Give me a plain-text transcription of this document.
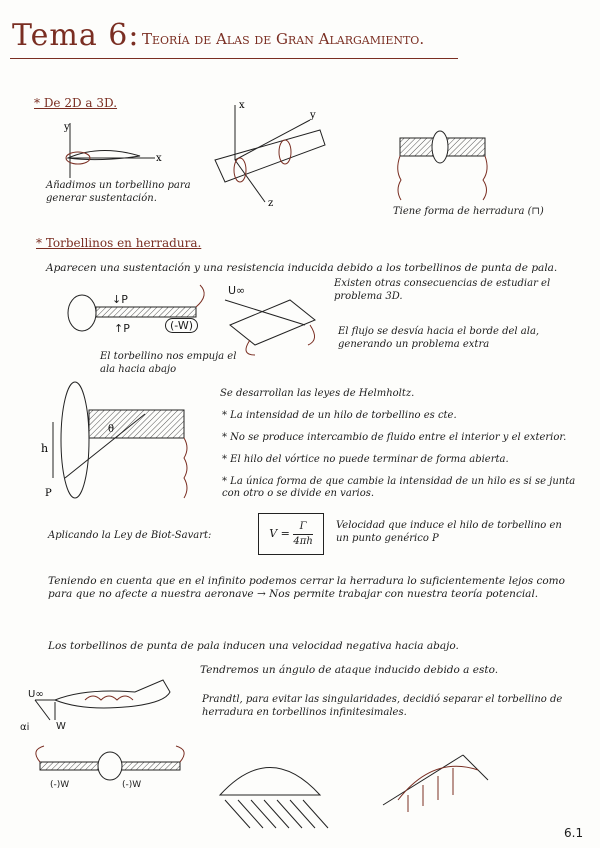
Tema 6: Teoría de Alas de Gran Alargamiento.
* De 2D a 3D.
y
x
Añadimos un torbellino para generar sustentación.
x
y
z
Tiene forma de herradura (⊓)
* Torbellinos en herradura.
Aparecen una sustentación y una resistencia inducida debido a los torbellinos de punta de pala.
↓P
↑P	(-W)
El torbellino nos empuja el ala hacia abajo
U∞
Existen otras consecuencias de estudiar el problema 3D.
El flujo se desvía hacia el borde del ala, generando un problema extra
h
θ
P
Se desarrollan las leyes de Helmholtz.
* La intensidad de un hilo de torbellino es cte.
* No se produce intercambio de fluido entre el interior y el exterior.
* El hilo del vórtice no puede terminar de forma abierta.
* La única forma de que cambie la intensidad de un hilo es si se junta con otro o se divide en varios.
Aplicando la Ley de Biot-Savart:	$V = \frac{\Gamma}{4\pi h}$ Velocidad que induce el hilo de torbellino en un punto genérico P
Teniendo en cuenta que en el infinito podemos cerrar la herradura lo suficientemente lejos como para que no afecte a nuestra aeronave → Nos permite trabajar con nuestra teoría potencial.
Los torbellinos de punta de pala inducen una velocidad negativa hacia abajo.
Tendremos un ángulo de ataque inducido debido a esto.
U∞
αi	W
Prandtl, para evitar las singularidades, decidió separar el torbellino de herradura en torbellinos infinitesimales.
(-)W	(-)W
6.1
